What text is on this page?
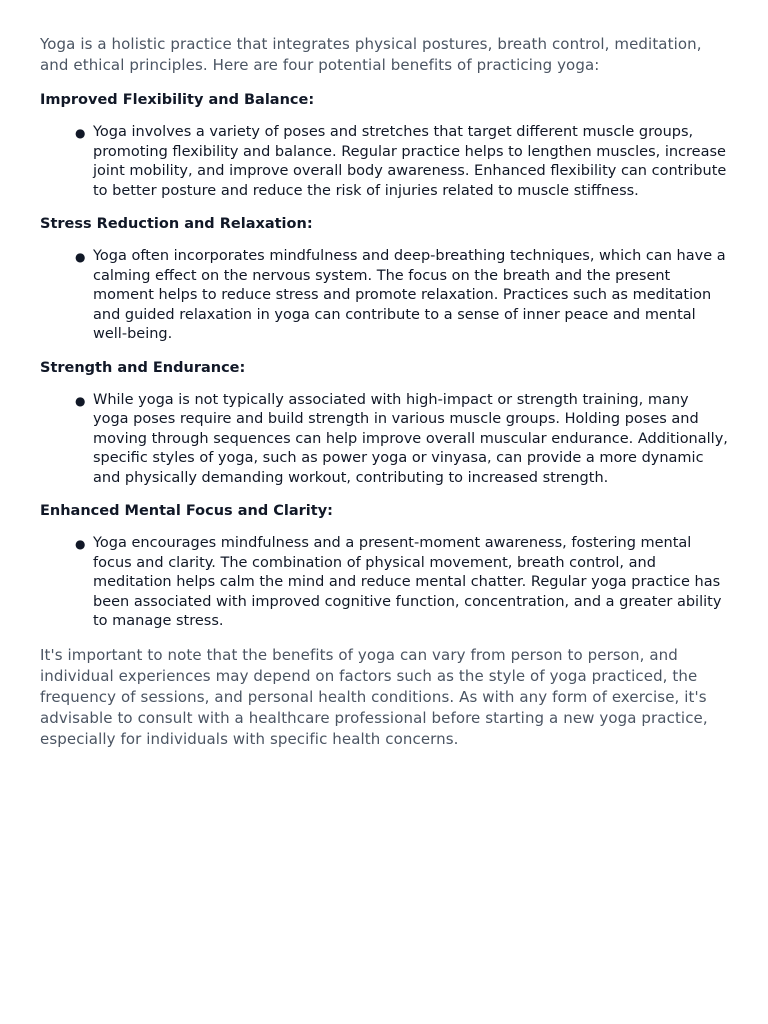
Yoga is a holistic practice that integrates physical postures, breath control, meditation, and ethical principles. Here are four potential benefits of practicing yoga:

Improved Flexibility and Balance:

● Yoga involves a variety of poses and stretches that target different muscle groups, promoting flexibility and balance. Regular practice helps to lengthen muscles, increase joint mobility, and improve overall body awareness. Enhanced flexibility can contribute to better posture and reduce the risk of injuries related to muscle stiffness.

Stress Reduction and Relaxation:

● Yoga often incorporates mindfulness and deep-breathing techniques, which can have a calming effect on the nervous system. The focus on the breath and the present moment helps to reduce stress and promote relaxation. Practices such as meditation and guided relaxation in yoga can contribute to a sense of inner peace and mental well-being.

Strength and Endurance:

● While yoga is not typically associated with high-impact or strength training, many yoga poses require and build strength in various muscle groups. Holding poses and moving through sequences can help improve overall muscular endurance. Additionally, specific styles of yoga, such as power yoga or vinyasa, can provide a more dynamic and physically demanding workout, contributing to increased strength.

Enhanced Mental Focus and Clarity:

● Yoga encourages mindfulness and a present-moment awareness, fostering mental focus and clarity. The combination of physical movement, breath control, and meditation helps calm the mind and reduce mental chatter. Regular yoga practice has been associated with improved cognitive function, concentration, and a greater ability to manage stress.

It's important to note that the benefits of yoga can vary from person to person, and individual experiences may depend on factors such as the style of yoga practiced, the frequency of sessions, and personal health conditions. As with any form of exercise, it's advisable to consult with a healthcare professional before starting a new yoga practice, especially for individuals with specific health concerns.
